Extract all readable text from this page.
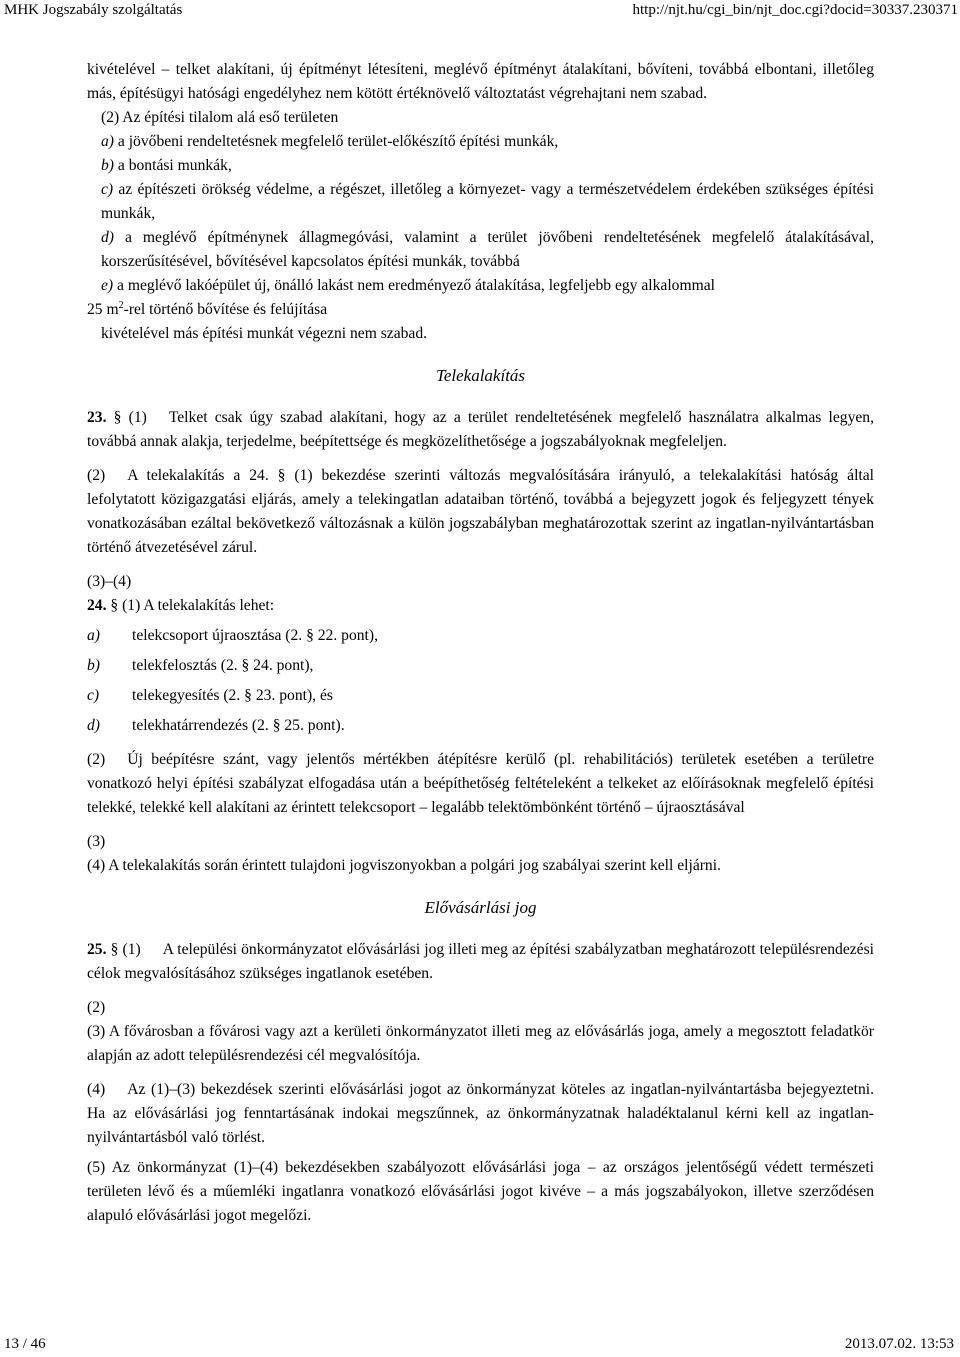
MHK Jogszabály szolgáltatás	http://njt.hu/cgi_bin/njt_doc.cgi?docid=30337.230371

kivételével – telket alakítani, új építményt létesíteni, meglévő építményt átalakítani, bővíteni, továbbá elbontani, illetőleg más, építésügyi hatósági engedélyhez nem kötött értéknövelő változtatást végrehajtani nem szabad.

(2) Az építési tilalom alá eső területen

a) a jövőbeni rendeltetésnek megfelelő terület-előkészítő építési munkák,

b) a bontási munkák,

c) az építészeti örökség védelme, a régészet, illetőleg a környezet- vagy a természetvédelem érdekében szükséges építési munkák,

d) a meglévő építménynek állagmegóvási, valamint a terület jövőbeni rendeltetésének megfelelő átalakításával, korszerűsítésével, bővítésével kapcsolatos építési munkák, továbbá

e) a meglévő lakóépület új, önálló lakást nem eredményező átalakítása, legfeljebb egy alkalommal

25 $m^2$-rel történő bővítése és felújítása

kivételével más építési munkát végezni nem szabad.

Telekalakítás

23. § (1) Telket csak úgy szabad alakítani, hogy az a terület rendeltetésének megfelelő használatra alkalmas legyen, továbbá annak alakja, terjedelme, beépítettsége és megközelíthetősége a jogszabályoknak megfeleljen.

(2) A telekalakítás a 24. § (1) bekezdése szerinti változás megvalósítására irányuló, a telekalakítási hatóság által lefolytatott közigazgatási eljárás, amely a telekingatlan adataiban történő, továbbá a bejegyzett jogok és feljegyzett tények vonatkozásában ezáltal bekövetkező változásnak a külön jogszabályban meghatározottak szerint az ingatlan-nyilvántartásban történő átvezetésével zárul.

(3)–(4)

24. § (1) A telekalakítás lehet:

a)	telekcsoport újraosztása (2. § 22. pont),
b)	telekfelosztás (2. § 24. pont),
c)	telekegyesítés (2. § 23. pont), és
d)	telekhatárrendezés (2. § 25. pont).

(2) Új beépítésre szánt, vagy jelentős mértékben átépítésre kerülő (pl. rehabilitációs) területek esetében a területre vonatkozó helyi építési szabályzat elfogadása után a beépíthetőség feltételeként a telkeket az előírásoknak megfelelő építési telekké, telekké kell alakítani az érintett telekcsoport – legalább telektömbönként történő – újraosztásával

(3)

(4) A telekalakítás során érintett tulajdoni jogviszonyokban a polgári jog szabályai szerint kell eljárni.

Elővásárlási jog

25. § (1) A települési önkormányzatot elővásárlási jog illeti meg az építési szabályzatban meghatározott településrendezési célok megvalósításához szükséges ingatlanok esetében.

(2)

(3) A fővárosban a fővárosi vagy azt a kerületi önkormányzatot illeti meg az elővásárlás joga, amely a megosztott feladatkör alapján az adott településrendezési cél megvalósítója.

(4) Az (1)–(3) bekezdések szerinti elővásárlási jogot az önkormányzat köteles az ingatlan-nyilvántartásba bejegyeztetni. Ha az elővásárlási jog fenntartásának indokai megszűnnek, az önkormányzatnak haladéktalanul kérni kell az ingatlan-nyilvántartásból való törlést.

(5) Az önkormányzat (1)–(4) bekezdésekben szabályozott elővásárlási joga – az országos jelentőségű védett természeti területen lévő és a műemléki ingatlanra vonatkozó elővásárlási jogot kivéve – a más jogszabályokon, illetve szerződésen alapuló elővásárlási jogot megelőzi.

13 / 46	2013.07.02. 13:53
